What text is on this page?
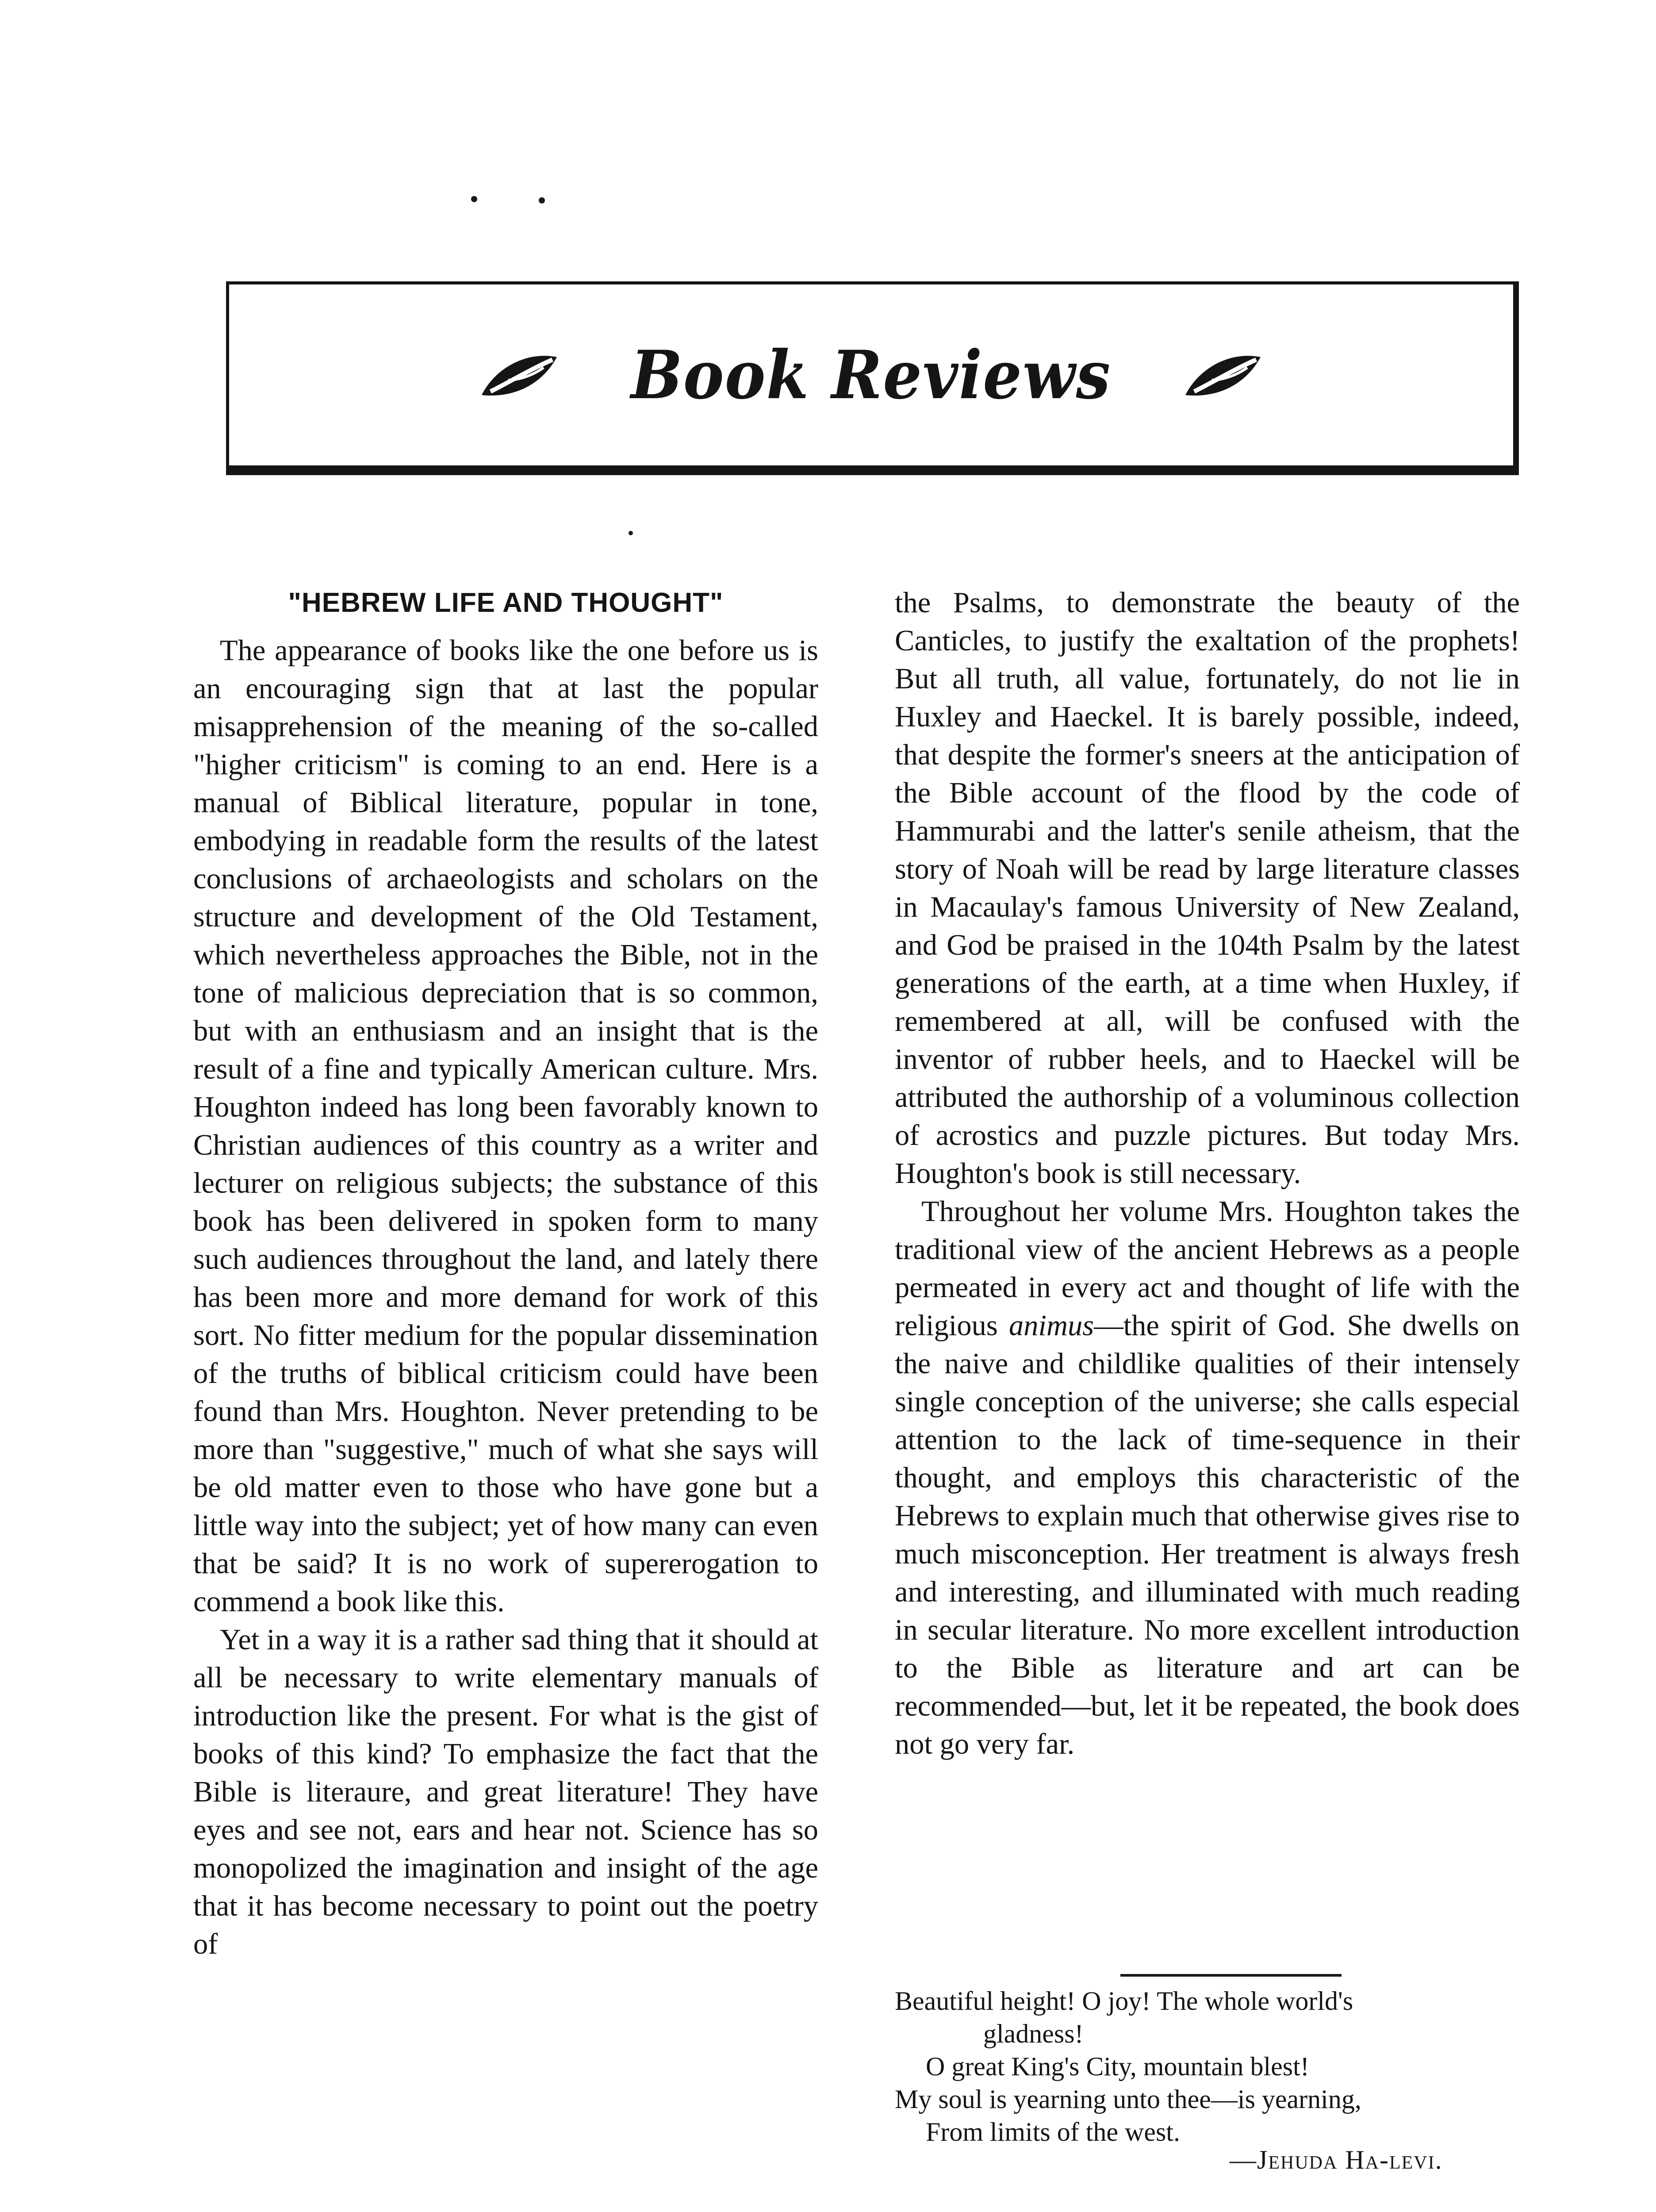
Book Reviews
"HEBREW LIFE AND THOUGHT"

The appearance of books like the one before us is an encouraging sign that at last the popular misapprehension of the meaning of the so-called "higher criticism" is coming to an end. Here is a manual of Biblical literature, popular in tone, embodying in readable form the results of the latest conclusions of archaeologists and scholars on the structure and development of the Old Testament, which nevertheless approaches the Bible, not in the tone of malicious depreciation that is so common, but with an enthusiasm and an insight that is the result of a fine and typically American culture. Mrs. Houghton indeed has long been favorably known to Christian audiences of this country as a writer and lecturer on religious subjects; the substance of this book has been delivered in spoken form to many such audiences throughout the land, and lately there has been more and more demand for work of this sort. No fitter medium for the popular dissemination of the truths of biblical criticism could have been found than Mrs. Houghton. Never pretending to be more than "suggestive," much of what she says will be old matter even to those who have gone but a little way into the subject; yet of how many can even that be said? It is no work of supererogation to commend a book like this.

Yet in a way it is a rather sad thing that it should at all be necessary to write elementary manuals of introduction like the present. For what is the gist of books of this kind? To emphasize the fact that the Bible is literaure, and great literature! They have eyes and see not, ears and hear not. Science has so monopolized the imagination and insight of the age that it has become necessary to point out the poetry of

the Psalms, to demonstrate the beauty of the Canticles, to justify the exaltation of the prophets! But all truth, all value, fortunately, do not lie in Huxley and Haeckel. It is barely possible, indeed, that despite the former's sneers at the anticipation of the Bible account of the flood by the code of Hammurabi and the latter's senile atheism, that the story of Noah will be read by large literature classes in Macaulay's famous University of New Zealand, and God be praised in the 104th Psalm by the latest generations of the earth, at a time when Huxley, if remembered at all, will be confused with the inventor of rubber heels, and to Haeckel will be attributed the authorship of a voluminous collection of acrostics and puzzle pictures. But today Mrs. Houghton's book is still necessary.

Throughout her volume Mrs. Houghton takes the traditional view of the ancient Hebrews as a people permeated in every act and thought of life with the religious animus—the spirit of God. She dwells on the naive and childlike qualities of their intensely single conception of the universe; she calls especial attention to the lack of time-sequence in their thought, and employs this characteristic of the Hebrews to explain much that otherwise gives rise to much misconception. Her treatment is always fresh and interesting, and illuminated with much reading in secular literature. No more excellent introduction to the Bible as literature and art can be recommended—but, let it be repeated, the book does not go very far.

Beautiful height! O joy! The whole world's
gladness!
O great King's City, mountain blest!
My soul is yearning unto thee—is yearning,
From limits of the west.
—Jehuda Ha-levi.
